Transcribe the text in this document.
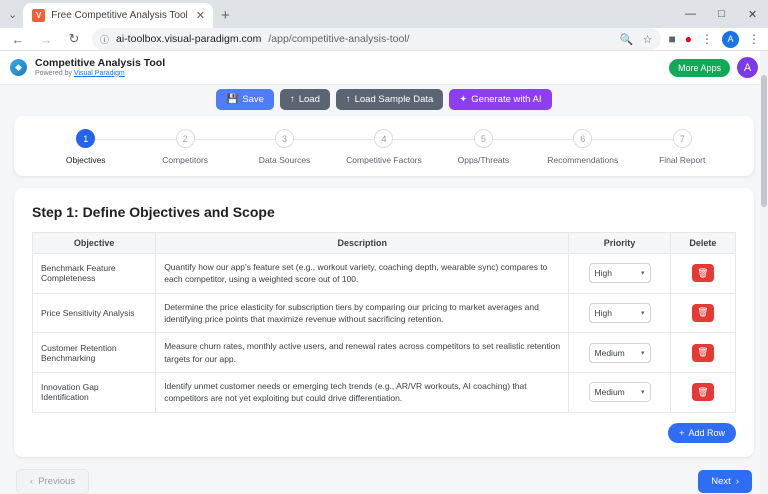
⌄	V Free Competitive Analysis Tool ✕	+	—	□	✕
← →	↻	ⓘ ai-toolbox.visual-paradigm.com /app/competitive-analysis-tool/	🔍 ☆ ■ ● ⋮	A	⋮
◆	Competitive Analysis Tool
Powered by Visual Paradigm
More Apps	A
💾 Save	↑ Load	↑ Load Sample Data	✦ Generate with AI
1
Objectives
2
Competitors
3
Data Sources
4
Competitive Factors
5
Opps/Threats
6
Recommendations
7
Final Report
Step 1: Define Objectives and Scope
Objective	Description	Priority	Delete
Benchmark Feature Completeness	Quantify how our app's feature set (e.g., workout variety, coaching depth, wearable sync) compares to each competitor, using a weighted score out of 100.	High ▾	🗑
Price Sensitivity Analysis	Determine the price elasticity for subscription tiers by comparing our pricing to market averages and identifying price points that maximize revenue without sacrificing retention.	High ▾	🗑
Customer Retention Benchmarking	Measure churn rates, monthly active users, and renewal rates across competitors to set realistic retention targets for our app.	Medium ▾	🗑
Innovation Gap Identification	Identify unmet customer needs or emerging tech trends (e.g., AR/VR workouts, AI coaching) that competitors are not yet exploiting but could drive differentiation.	Medium ▾	🗑
+ Add Row
‹ Previous	Next ›
